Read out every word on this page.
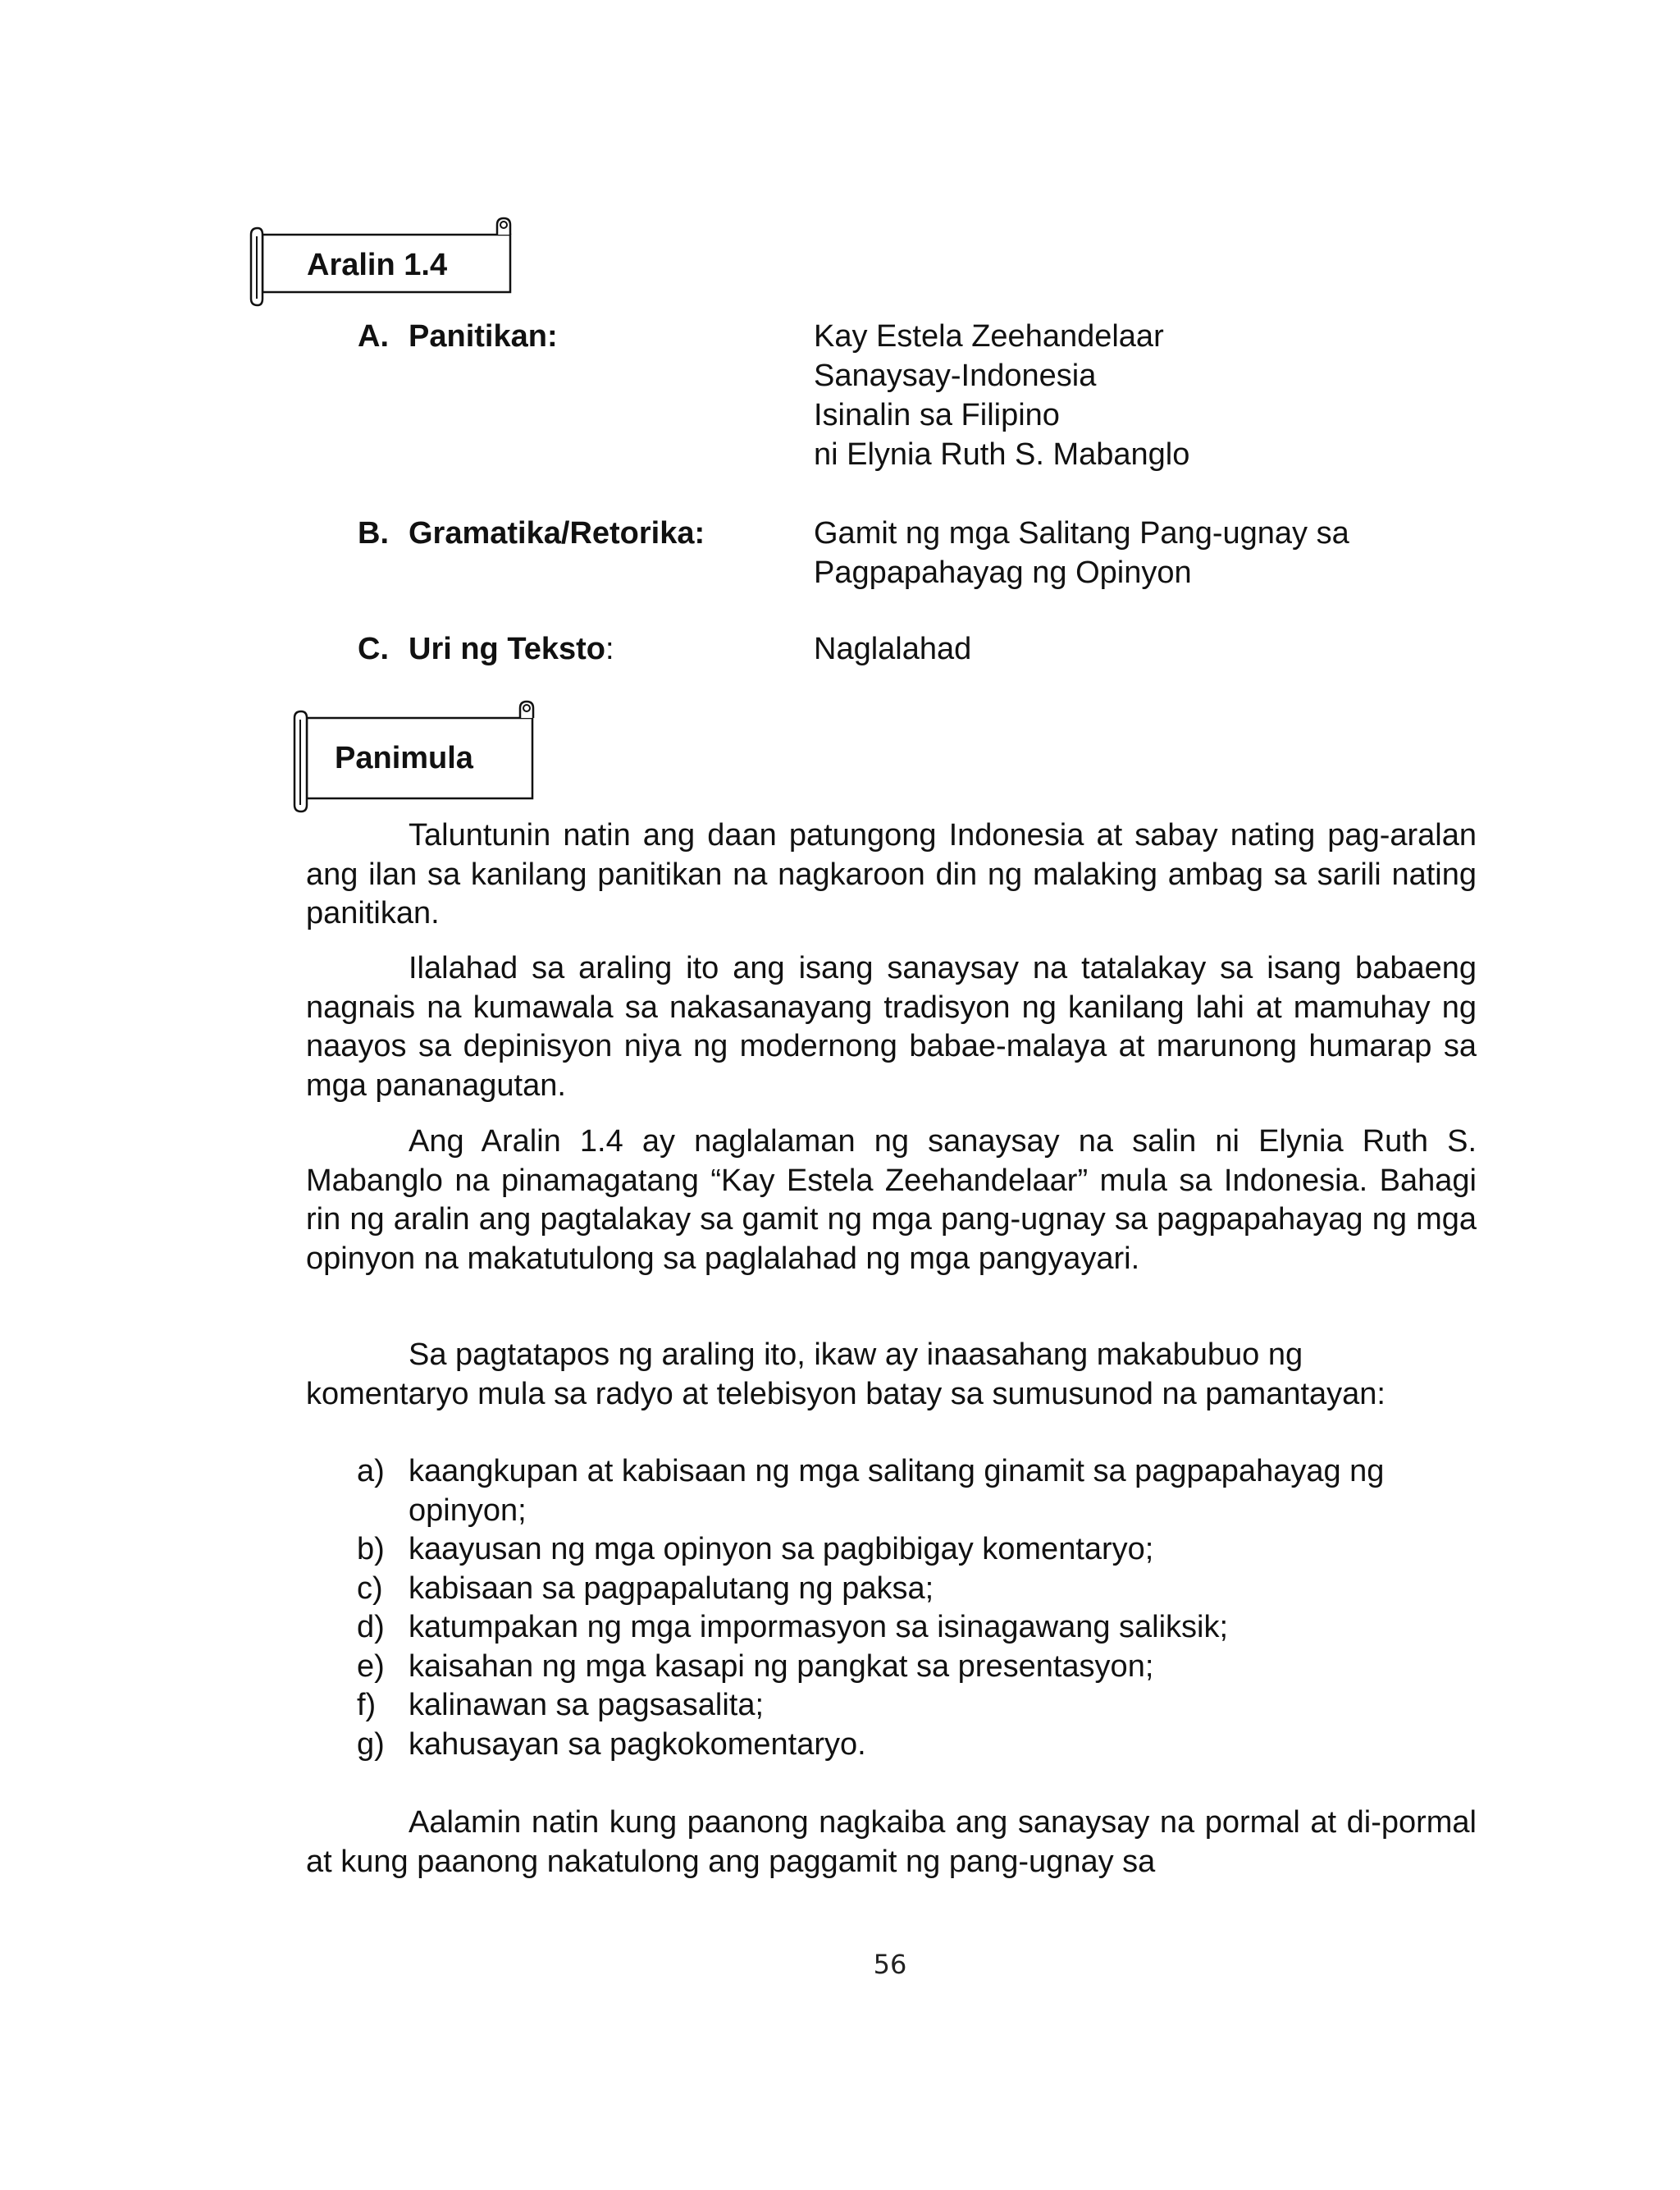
Aralin 1.4
A. Panitikan:	Kay Estela Zeehandelaar
Sanaysay-Indonesia
Isinalin sa Filipino
ni Elynia Ruth S. Mabanglo
B. Gramatika/Retorika:	Gamit ng mga Salitang Pang-ugnay sa
Pagpapahayag ng Opinyon
C. Uri ng Teksto:	Naglalahad
Panimula

Taluntunin natin ang daan patungong Indonesia at sabay nating pag-aralan ang ilan sa kanilang panitikan na nagkaroon din ng malaking ambag sa sarili nating panitikan.

Ilalahad sa araling ito ang isang sanaysay na tatalakay sa isang babaeng nagnais na kumawala sa nakasanayang tradisyon ng kanilang lahi at mamuhay ng naayos sa depinisyon niya ng modernong babae-malaya at marunong humarap sa mga pananagutan.

Ang Aralin 1.4 ay naglalaman ng sanaysay na salin ni Elynia Ruth S. Mabanglo na pinamagatang “Kay Estela Zeehandelaar” mula sa Indonesia. Bahagi rin ng aralin ang pagtalakay sa gamit ng mga pang-ugnay sa pagpapahayag ng mga opinyon na makatutulong sa paglalahad ng mga pangyayari.

Sa pagtatapos ng araling ito, ikaw ay inaasahang makabubuo ng komentaryo mula sa radyo at telebisyon batay sa sumusunod na pamantayan:

a) kaangkupan at kabisaan ng mga salitang ginamit sa pagpapahayag ng opinyon;
b) kaayusan ng mga opinyon sa pagbibigay komentaryo;
c) kabisaan sa pagpapalutang ng paksa;
d) katumpakan ng mga impormasyon sa isinagawang saliksik;
e) kaisahan ng mga kasapi ng pangkat sa presentasyon;
f) kalinawan sa pagsasalita;
g) kahusayan sa pagkokomentaryo.

Aalamin natin kung paanong nagkaiba ang sanaysay na pormal at di-pormal at kung paanong nakatulong ang paggamit ng pang-ugnay sa

56
